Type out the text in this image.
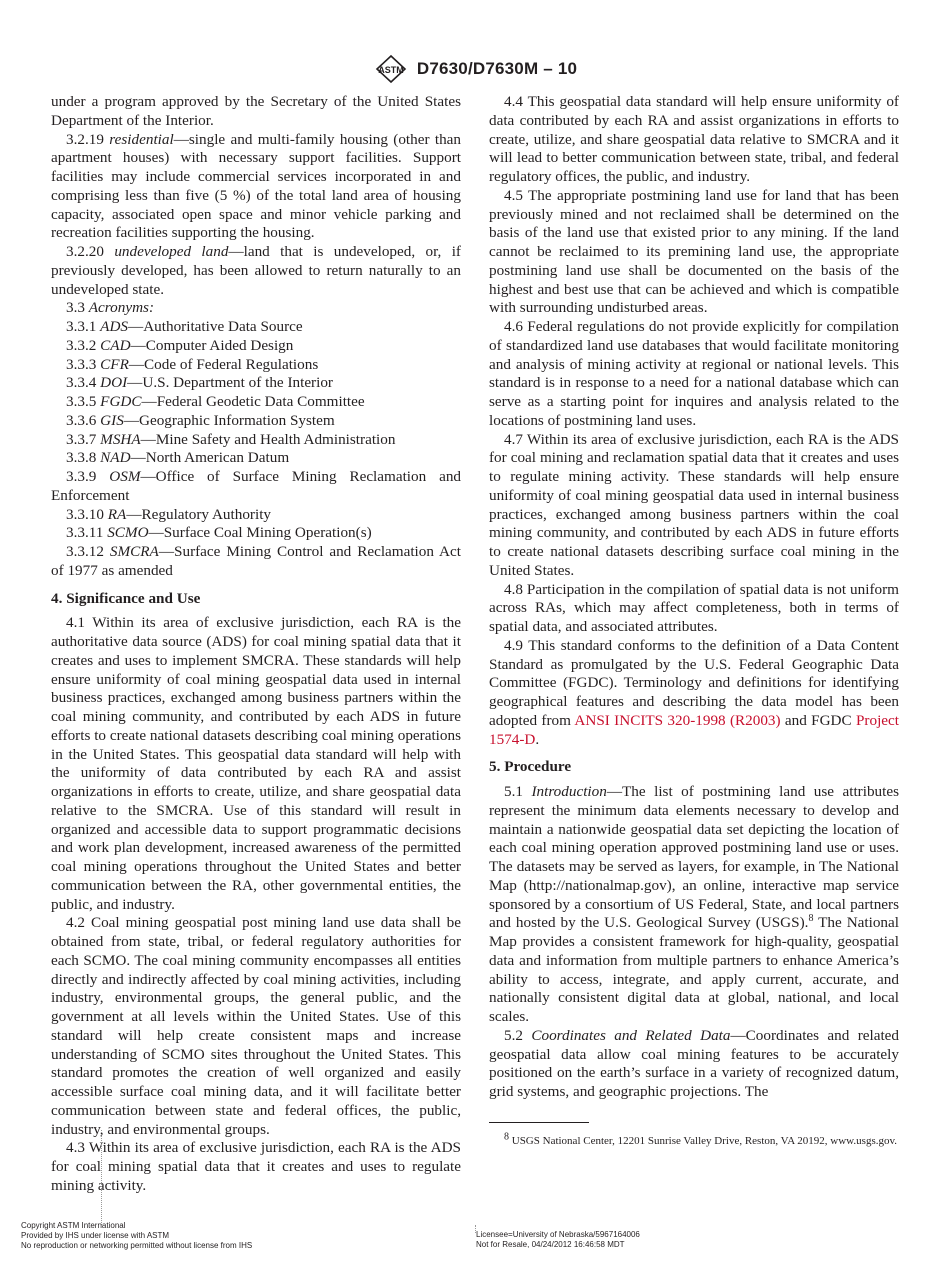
ASTM D7630/D7630M – 10

under a program approved by the Secretary of the United States Department of the Interior.

3.2.19 residential—single and multi-family housing (other than apartment houses) with necessary support facilities. Support facilities may include commercial services incorporated in and comprising less than five (5 %) of the total land area of housing capacity, associated open space and minor vehicle parking and recreation facilities supporting the housing.

3.2.20 undeveloped land—land that is undeveloped, or, if previously developed, has been allowed to return naturally to an undeveloped state.

3.3 Acronyms:

3.3.1 ADS—Authoritative Data Source

3.3.2 CAD—Computer Aided Design

3.3.3 CFR—Code of Federal Regulations

3.3.4 DOI—U.S. Department of the Interior

3.3.5 FGDC—Federal Geodetic Data Committee

3.3.6 GIS—Geographic Information System

3.3.7 MSHA—Mine Safety and Health Administration

3.3.8 NAD—North American Datum

3.3.9 OSM—Office of Surface Mining Reclamation and Enforcement

3.3.10 RA—Regulatory Authority

3.3.11 SCMO—Surface Coal Mining Operation(s)

3.3.12 SMCRA—Surface Mining Control and Reclamation Act of 1977 as amended

4. Significance and Use

4.1 Within its area of exclusive jurisdiction, each RA is the authoritative data source (ADS) for coal mining spatial data that it creates and uses to implement SMCRA. These standards will help ensure uniformity of coal mining geospatial data used in internal business practices, exchanged among business partners within the coal mining community, and contributed by each ADS in future efforts to create national datasets describing coal mining operations in the United States. This geospatial data standard will help with the uniformity of data contributed by each RA and assist organizations in efforts to create, utilize, and share geospatial data relative to the SMCRA. Use of this standard will result in organized and accessible data to support programmatic decisions and work plan development, increased awareness of the permitted coal mining operations throughout the United States and better communication between the RA, other governmental entities, the public, and industry.

4.2 Coal mining geospatial post mining land use data shall be obtained from state, tribal, or federal regulatory authorities for each SCMO. The coal mining community encompasses all entities directly and indirectly affected by coal mining activities, including industry, environmental groups, the general public, and the government at all levels within the United States. Use of this standard will help create consistent maps and increase understanding of SCMO sites throughout the United States. This standard promotes the creation of well organized and easily accessible surface coal mining data, and it will facilitate better communication between state and federal offices, the public, industry, and environmental groups.

4.3 Within its area of exclusive jurisdiction, each RA is the ADS for coal mining spatial data that it creates and uses to regulate mining activity.

4.4 This geospatial data standard will help ensure uniformity of data contributed by each RA and assist organizations in efforts to create, utilize, and share geospatial data relative to SMCRA and it will lead to better communication between state, tribal, and federal regulatory offices, the public, and industry.

4.5 The appropriate postmining land use for land that has been previously mined and not reclaimed shall be determined on the basis of the land use that existed prior to any mining. If the land cannot be reclaimed to its premining land use, the appropriate postmining land use shall be documented on the basis of the highest and best use that can be achieved and which is compatible with surrounding undisturbed areas.

4.6 Federal regulations do not provide explicitly for compilation of standardized land use databases that would facilitate monitoring and analysis of mining activity at regional or national levels. This standard is in response to a need for a national database which can serve as a starting point for inquires and analysis related to the locations of postmining land uses.

4.7 Within its area of exclusive jurisdiction, each RA is the ADS for coal mining and reclamation spatial data that it creates and uses to regulate mining activity. These standards will help ensure uniformity of coal mining geospatial data used in internal business practices, exchanged among business partners within the coal mining community, and contributed by each ADS in future efforts to create national datasets describing surface coal mining in the United States.

4.8 Participation in the compilation of spatial data is not uniform across RAs, which may affect completeness, both in terms of spatial data, and associated attributes.

4.9 This standard conforms to the definition of a Data Content Standard as promulgated by the U.S. Federal Geographic Data Committee (FGDC). Terminology and definitions for identifying geographical features and describing the data model has been adopted from ANSI INCITS 320-1998 (R2003) and FGDC Project 1574-D.

5. Procedure

5.1 Introduction—The list of postmining land use attributes represent the minimum data elements necessary to develop and maintain a nationwide geospatial data set depicting the location of each coal mining operation approved postmining land use or uses. The datasets may be served as layers, for example, in The National Map (http://nationalmap.gov), an online, interactive map service sponsored by a consortium of US Federal, State, and local partners and hosted by the U.S. Geological Survey (USGS).$^8$ The National Map provides a consistent framework for high-quality, geospatial data and information from multiple partners to enhance America’s ability to access, integrate, and apply current, accurate, and nationally consistent digital data at global, national, and local scales.

5.2 Coordinates and Related Data—Coordinates and related geospatial data allow coal mining features to be accurately positioned on the earth’s surface in a variety of recognized datum, grid systems, and geographic projections. The

$^8$ USGS National Center, 12201 Sunrise Valley Drive, Reston, VA 20192, www.usgs.gov.

Copyright ASTM International
Provided by IHS under license with ASTM
No reproduction or networking permitted without license from IHS
Licensee=University of Nebraska/5967164006
Not for Resale, 04/24/2012 16:46:58 MDT
